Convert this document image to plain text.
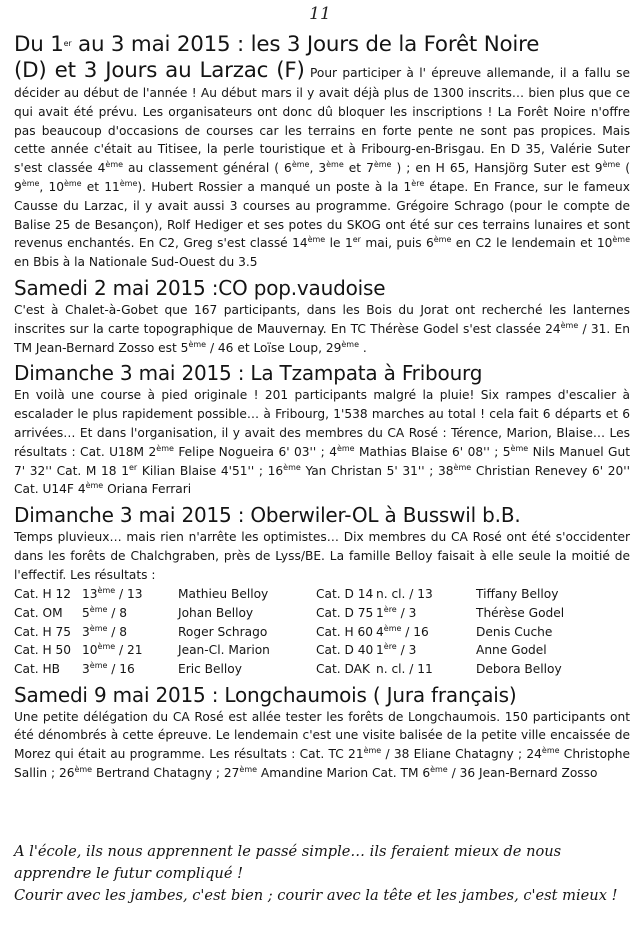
11
Du 1er au 3 mai 2015 : les 3 Jours de la Forêt Noire

(D) et 3 Jours au Larzac (F) Pour participer à l' épreuve allemande, il a fallu se décider au début de l'année ! Au début mars il y avait déjà plus de 1300 inscrits… bien plus que ce qui avait été prévu. Les organisateurs ont donc dû bloquer les inscriptions ! La Forêt Noire n'offre pas beaucoup d'occasions de courses car les terrains en forte pente ne sont pas propices. Mais cette année c'était au Titisee, la perle touristique et à Fribourg-en-Brisgau. En D 35, Valérie Suter s'est classée 4ème au classement général ( 6ème, 3ème et 7ème ) ; en H 65, Hansjörg Suter est 9ème ( 9ème, 10ème et 11ème). Hubert Rossier a manqué un poste à la 1ère étape. En France, sur le fameux Causse du Larzac, il y avait aussi 3 courses au programme. Grégoire Schrago (pour le compte de Balise 25 de Besançon), Rolf Hediger et ses potes du SKOG ont été sur ces terrains lunaires et sont revenus enchantés. En C2, Greg s'est classé 14ème le 1er mai, puis 6ème en C2 le lendemain et 10ème en Bbis à la Nationale Sud-Ouest du 3.5

Samedi 2 mai 2015 :CO pop.vaudoise

C'est à Chalet-à-Gobet que 167 participants, dans les Bois du Jorat ont recherché les lanternes inscrites sur la carte topographique de Mauvernay. En TC Thérèse Godel s'est classée 24ème / 31. En TM Jean-Bernard Zosso est 5ème / 46 et Loïse Loup, 29ème .

Dimanche 3 mai 2015 : La Tzampata à Fribourg

En voilà une course à pied originale ! 201 participants malgré la pluie! Six rampes d'escalier à escalader le plus rapidement possible… à Fribourg, 1'538 marches au total ! cela fait 6 départs et 6 arrivées… Et dans l'organisation, il y avait des membres du CA Rosé : Térence, Marion, Blaise… Les résultats : Cat. U18M 2ème Felipe Nogueira 6' 03'' ; 4ème Mathias Blaise 6' 08'' ; 5ème Nils Manuel Gut 7' 32'' Cat. M 18 1er Kilian Blaise 4'51'' ; 16ème Yan Christan 5' 31'' ; 38ème Christian Renevey 6' 20'' Cat. U14F 4ème Oriana Ferrari

Dimanche 3 mai 2015 : Oberwiler-OL à Busswil b.B.

Temps pluvieux… mais rien n'arrête les optimistes… Dix membres du CA Rosé ont été s'occidenter dans les forêts de Chalchgraben, près de Lyss/BE. La famille Belloy faisait à elle seule la moitié de l'effectif. Les résultats :

Cat. H 12	13ème / 13	Mathieu Belloy	Cat. D 14	n. cl. / 13	Tiffany Belloy
Cat. OM	5ème / 8	Johan Belloy	Cat. D 75	1ère / 3	Thérèse Godel
Cat. H 75	3ème / 8	Roger Schrago	Cat. H 60	4ème / 16	Denis Cuche
Cat. H 50	10ème / 21	Jean-Cl. Marion	Cat. D 40	1ère / 3	Anne Godel
Cat. HB	3ème / 16	Eric Belloy	Cat. DAK	n. cl. / 11	Debora Belloy
Samedi 9 mai 2015 : Longchaumois ( Jura français)

Une petite délégation du CA Rosé est allée tester les forêts de Longchaumois. 150 participants ont été dénombrés à cette épreuve. Le lendemain c'est une visite balisée de la petite ville encaissée de Morez qui était au programme. Les résultats : Cat. TC 21ème / 38 Eliane Chatagny ; 24ème Christophe Sallin ; 26ème Bertrand Chatagny ; 27ème Amandine Marion Cat. TM 6ème / 36 Jean-Bernard Zosso

A l'école, ils nous apprennent le passé simple… ils feraient mieux de nous
apprendre le futur compliqué !
Courir avec les jambes, c'est bien ; courir avec la tête et les jambes, c'est mieux !
